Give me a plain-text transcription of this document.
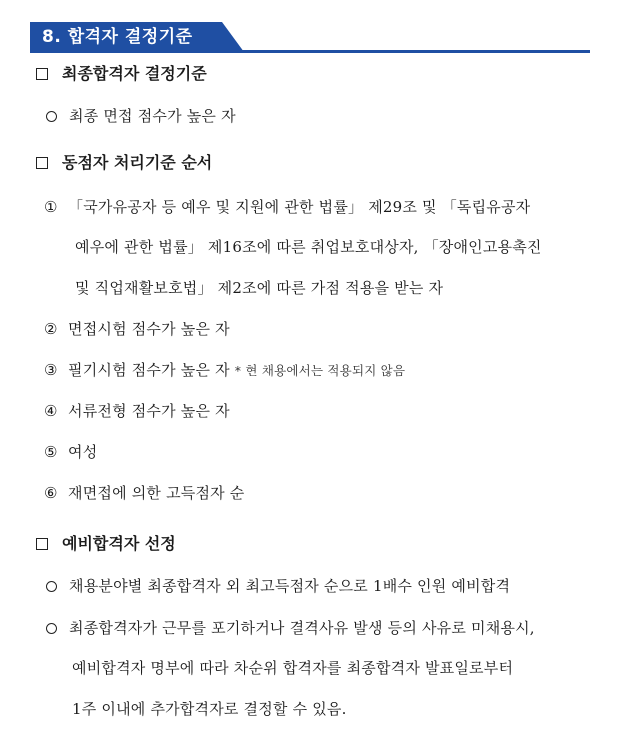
8. 합격자 결정기준
최종합격자 결정기준
최종 면접 점수가 높은 자
동점자 처리기준 순서
① 「국가유공자 등 예우 및 지원에 관한 법률」 제29조 및 「독립유공자
예우에 관한 법률」 제16조에 따른 취업보호대상자, 「장애인고용촉진
및 직업재활보호법」 제2조에 따른 가점 적용을 받는 자
② 면접시험 점수가 높은 자
③ 필기시험 점수가 높은 자 * 현 채용에서는 적용되지 않음
④ 서류전형 점수가 높은 자
⑤ 여성
⑥ 재면접에 의한 고득점자 순
예비합격자 선정
채용분야별 최종합격자 외 최고득점자 순으로 1배수 인원 예비합격
최종합격자가 근무를 포기하거나 결격사유 발생 등의 사유로 미채용시,
예비합격자 명부에 따라 차순위 합격자를 최종합격자 발표일로부터
1주 이내에 추가합격자로 결정할 수 있음.
